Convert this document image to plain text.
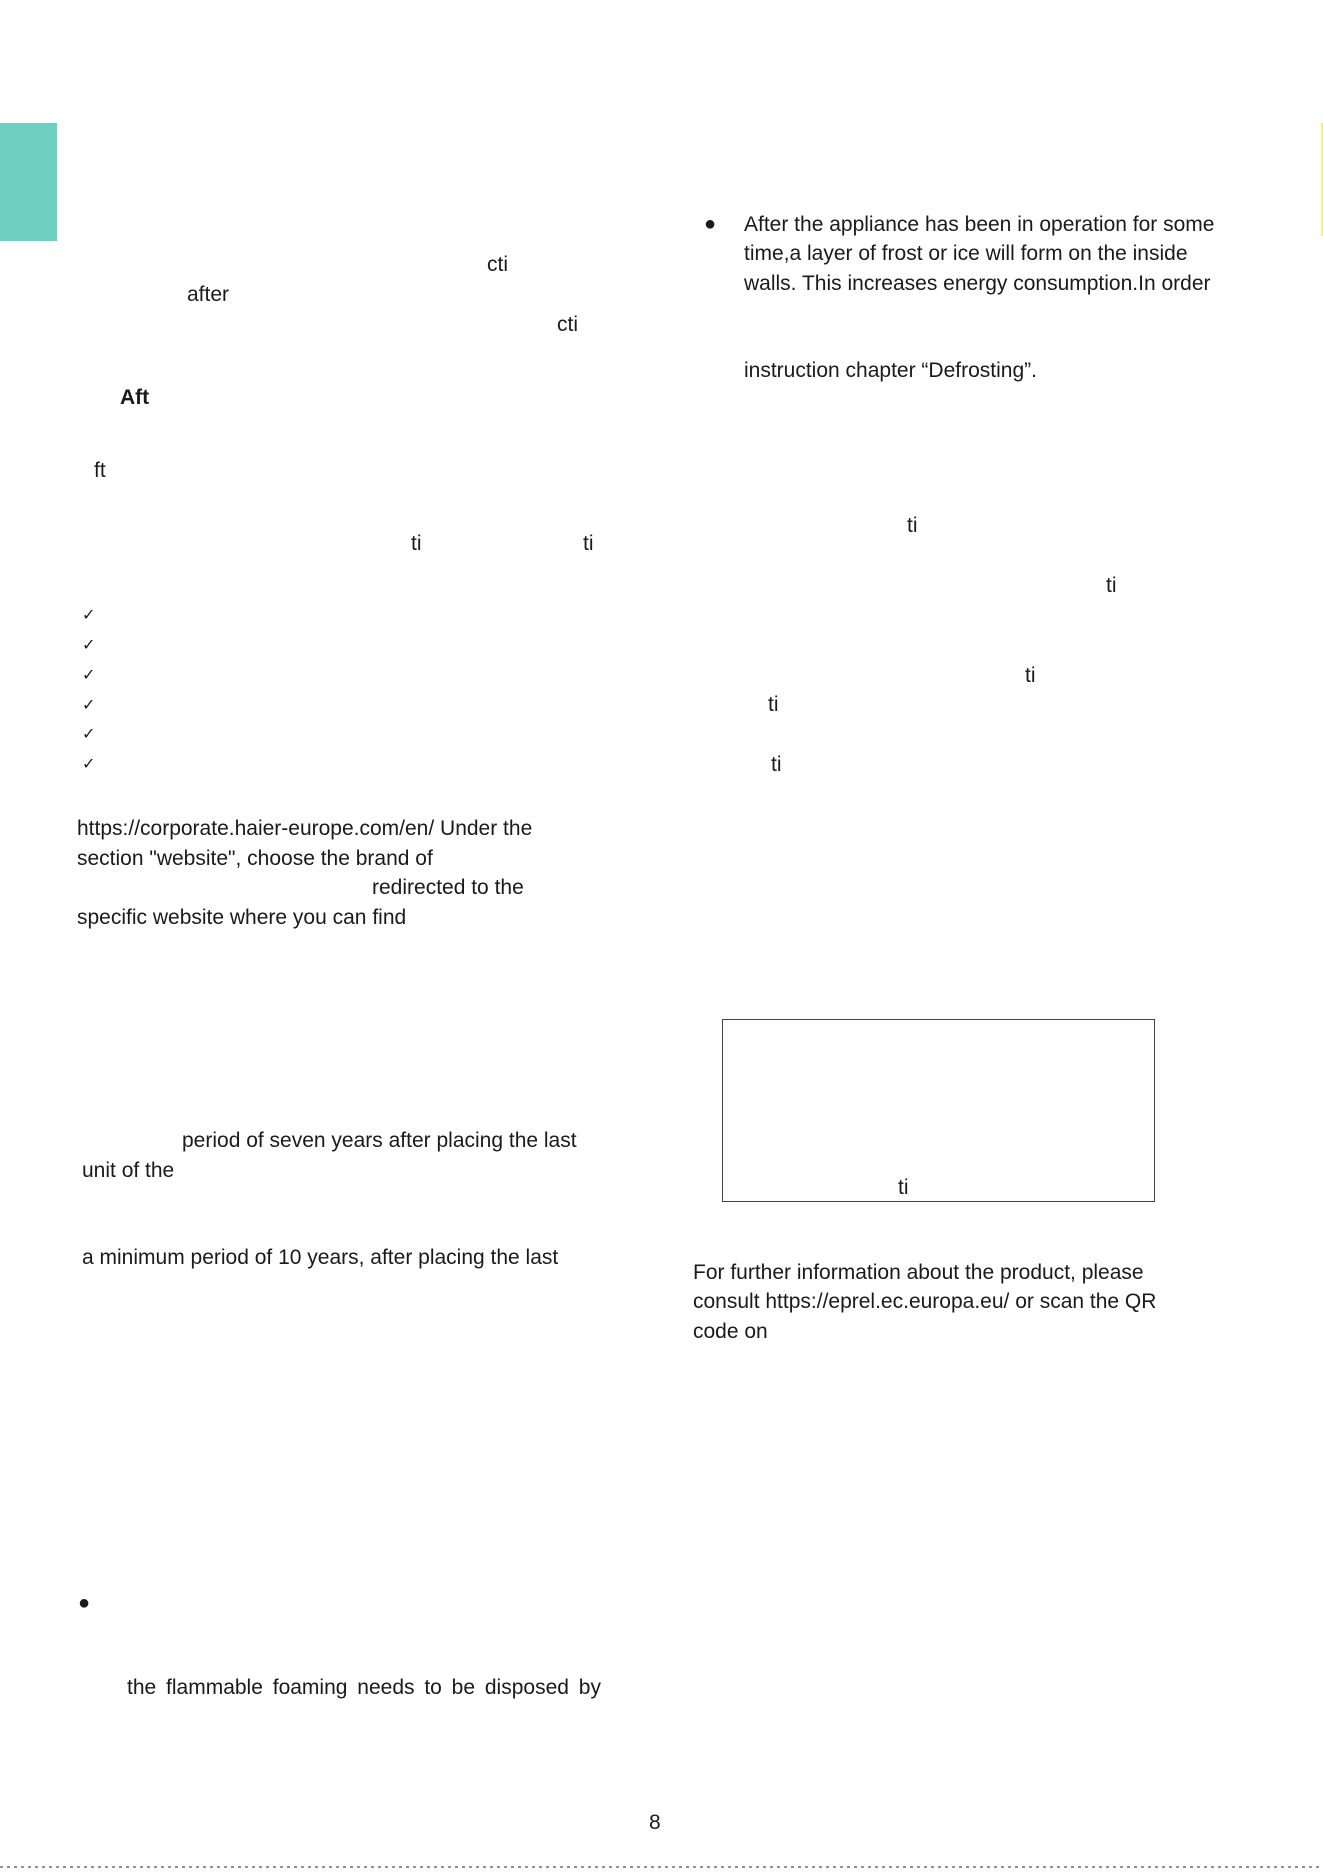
cti
after
cti
Aft
ft
ti	ti
✓
✓
✓
✓
✓
✓
https://corporate.haier-europe.com/en/ Under the
section "website", choose the brand of
redirected to the
specific website where you can find
period of seven years after placing the last
unit of the
a minimum period of 10 years, after placing the last
●
the flammable foaming needs to be disposed by
● After the appliance has been in operation for some
time,a layer of frost or ice will form on the inside
walls. This increases energy consumption.In order
instruction chapter “Defrosting”.
ti
ti
ti
ti
ti
ti
For further information about the product, please
consult https://eprel.ec.europa.eu/ or scan the QR
code on
8
